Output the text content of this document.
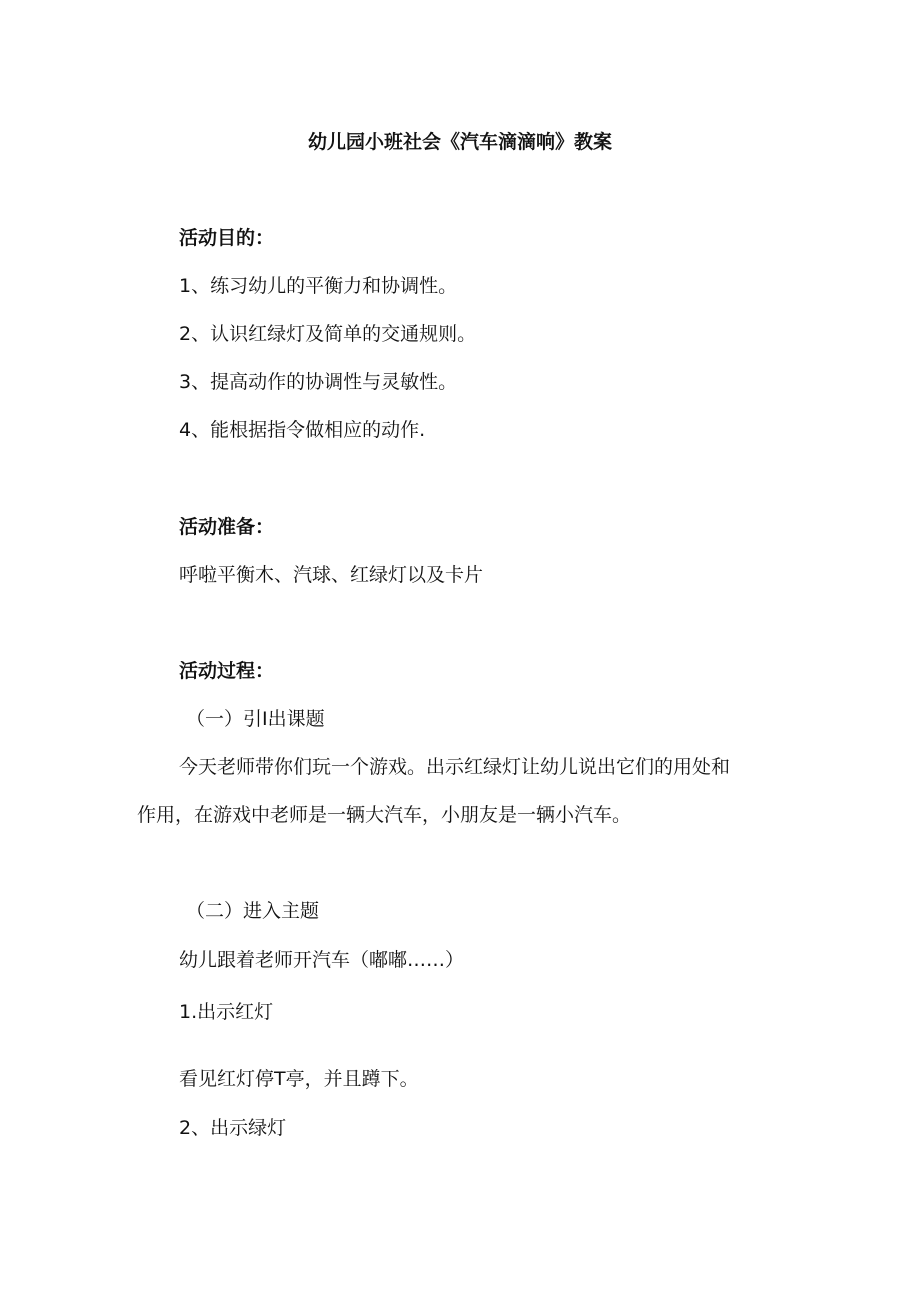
幼儿园小班社会《汽车滴滴响》教案
活动目的：
1、练习幼儿的平衡力和协调性。
2、认识红绿灯及简单的交通规则。
3、提高动作的协调性与灵敏性。
4、能根据指令做相应的动作.
活动准备：
呼啦平衡木、汽球、红绿灯以及卡片
活动过程：
（一）引I出课题
今天老师带你们玩一个游戏。出示红绿灯让幼儿说出它们的用处和
作用，在游戏中老师是一辆大汽车，小朋友是一辆小汽车。
（二）进入主题
幼儿跟着老师开汽车（嘟嘟……）
1.出示红灯
看见红灯停T亭，并且蹲下。
2、出示绿灯
